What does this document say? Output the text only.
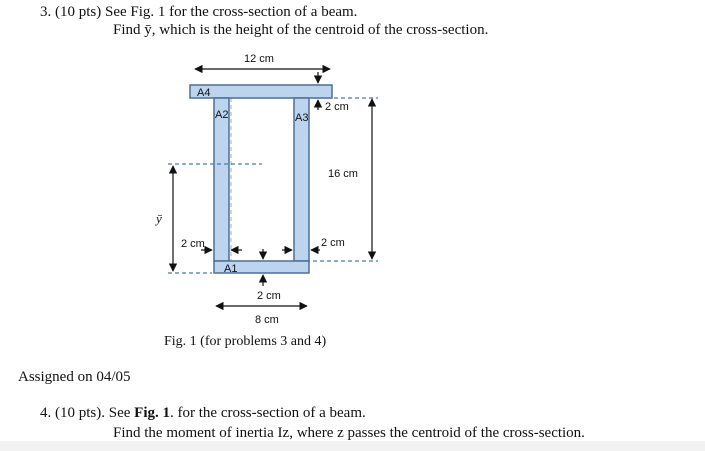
3. (10 pts) See Fig. 1 for the cross-section of a beam.
Find ȳ, which is the height of the centroid of the cross-section.
12 cm
A4
A2	A3
2 cm
16 cm
ȳ
2 cm	2 cm
A1
2 cm
8 cm
Fig. 1 (for problems 3 and 4)
Assigned on 04/05
4. (10 pts). See Fig. 1. for the cross-section of a beam.
Find the moment of inertia Iz, where z passes the centroid of the cross-section.
